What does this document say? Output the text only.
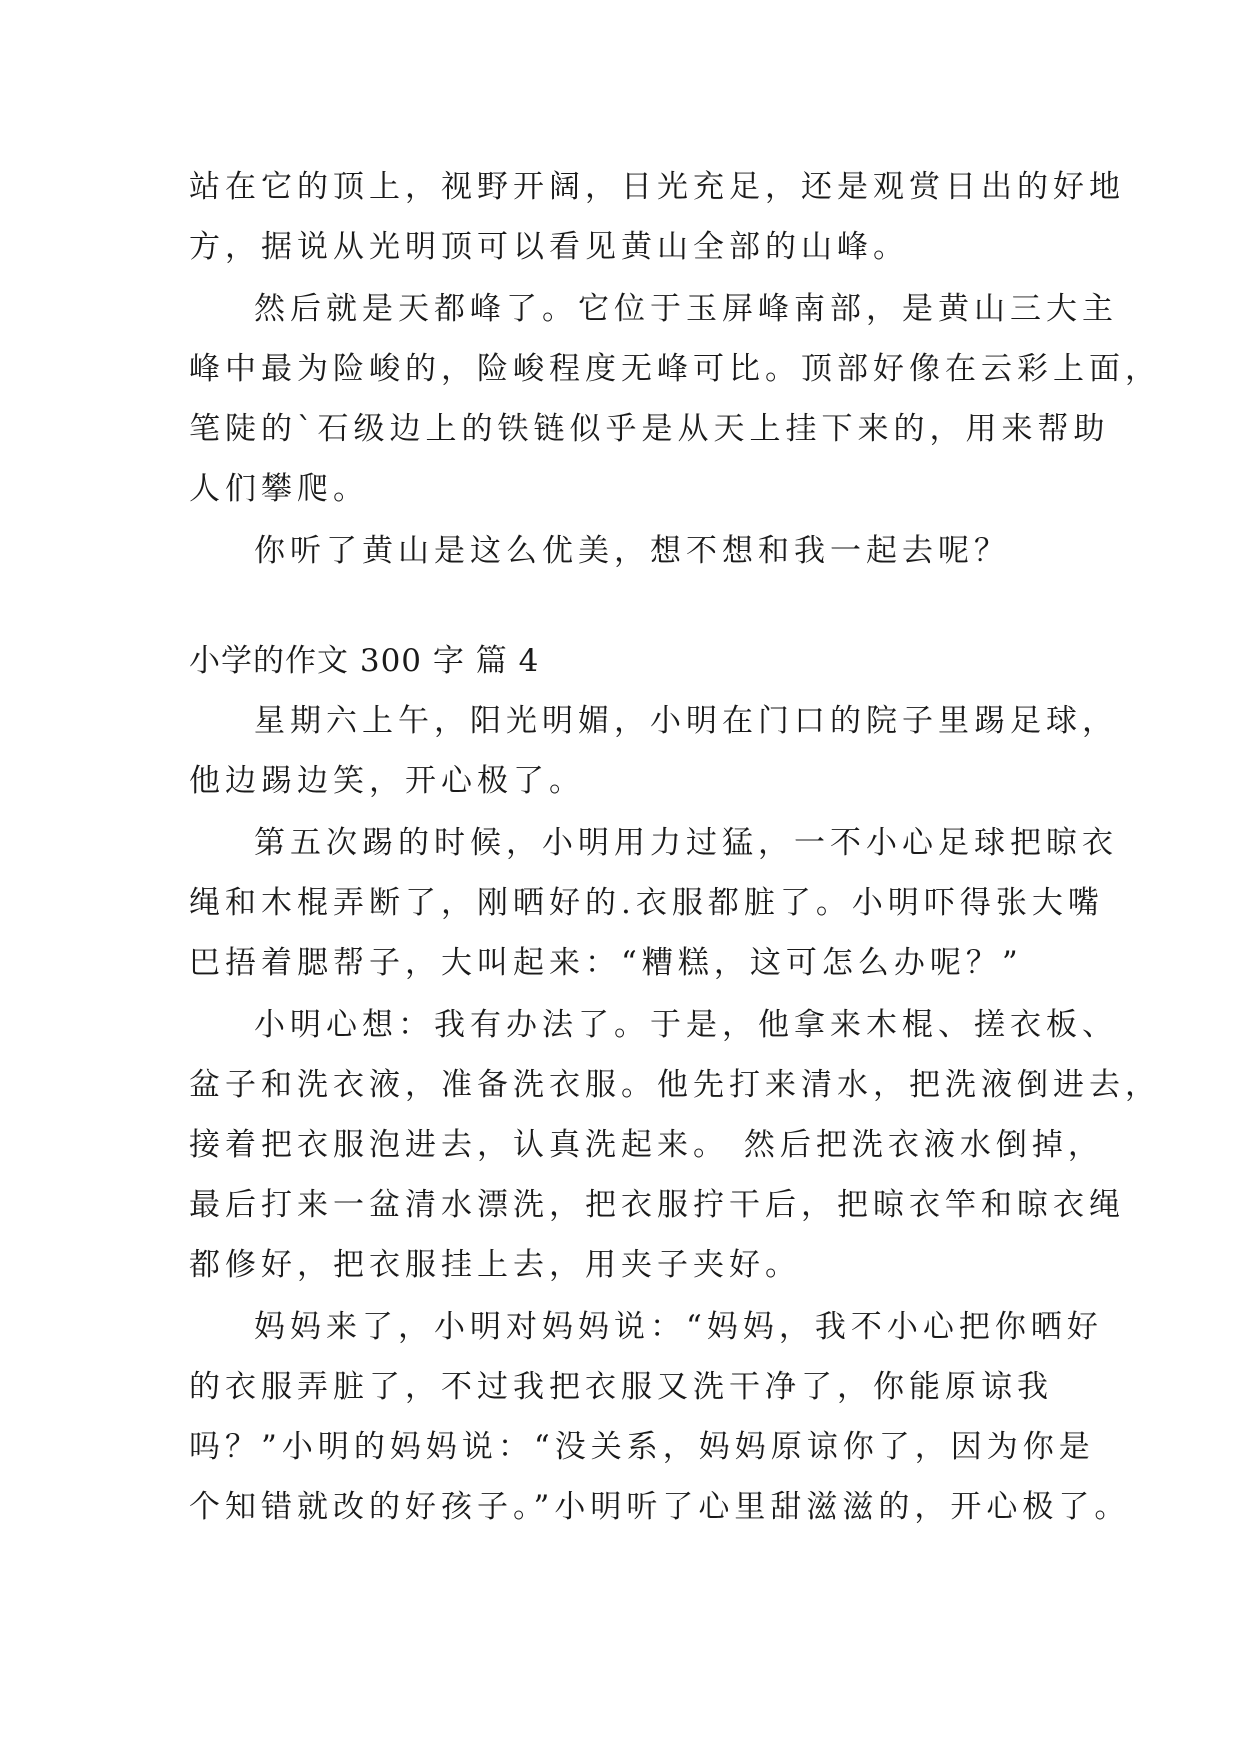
站在它的顶上，视野开阔，日光充足，还是观赏日出的好地
方，据说从光明顶可以看见黄山全部的山峰。
然后就是天都峰了。它位于玉屏峰南部，是黄山三大主
峰中最为险峻的，险峻程度无峰可比。顶部好像在云彩上面，
笔陡的`石级边上的铁链似乎是从天上挂下来的，用来帮助
人们攀爬。
你听了黄山是这么优美，想不想和我一起去呢？
小学的作文 300 字 篇 4
星期六上午，阳光明媚，小明在门口的院子里踢足球，
他边踢边笑，开心极了。
第五次踢的时候，小明用力过猛，一不小心足球把晾衣
绳和木棍弄断了，刚晒好的.衣服都脏了。小明吓得张大嘴
巴捂着腮帮子，大叫起来：“糟糕，这可怎么办呢？”
小明心想：我有办法了。于是，他拿来木棍、搓衣板、
盆子和洗衣液，准备洗衣服。他先打来清水，把洗液倒进去，
接着把衣服泡进去，认真洗起来。 然后把洗衣液水倒掉，
最后打来一盆清水漂洗，把衣服拧干后，把晾衣竿和晾衣绳
都修好，把衣服挂上去，用夹子夹好。
妈妈来了，小明对妈妈说：“妈妈，我不小心把你晒好
的衣服弄脏了，不过我把衣服又洗干净了，你能原谅我
吗？”小明的妈妈说：“没关系，妈妈原谅你了，因为你是
个知错就改的好孩子。”小明听了心里甜滋滋的，开心极了。
